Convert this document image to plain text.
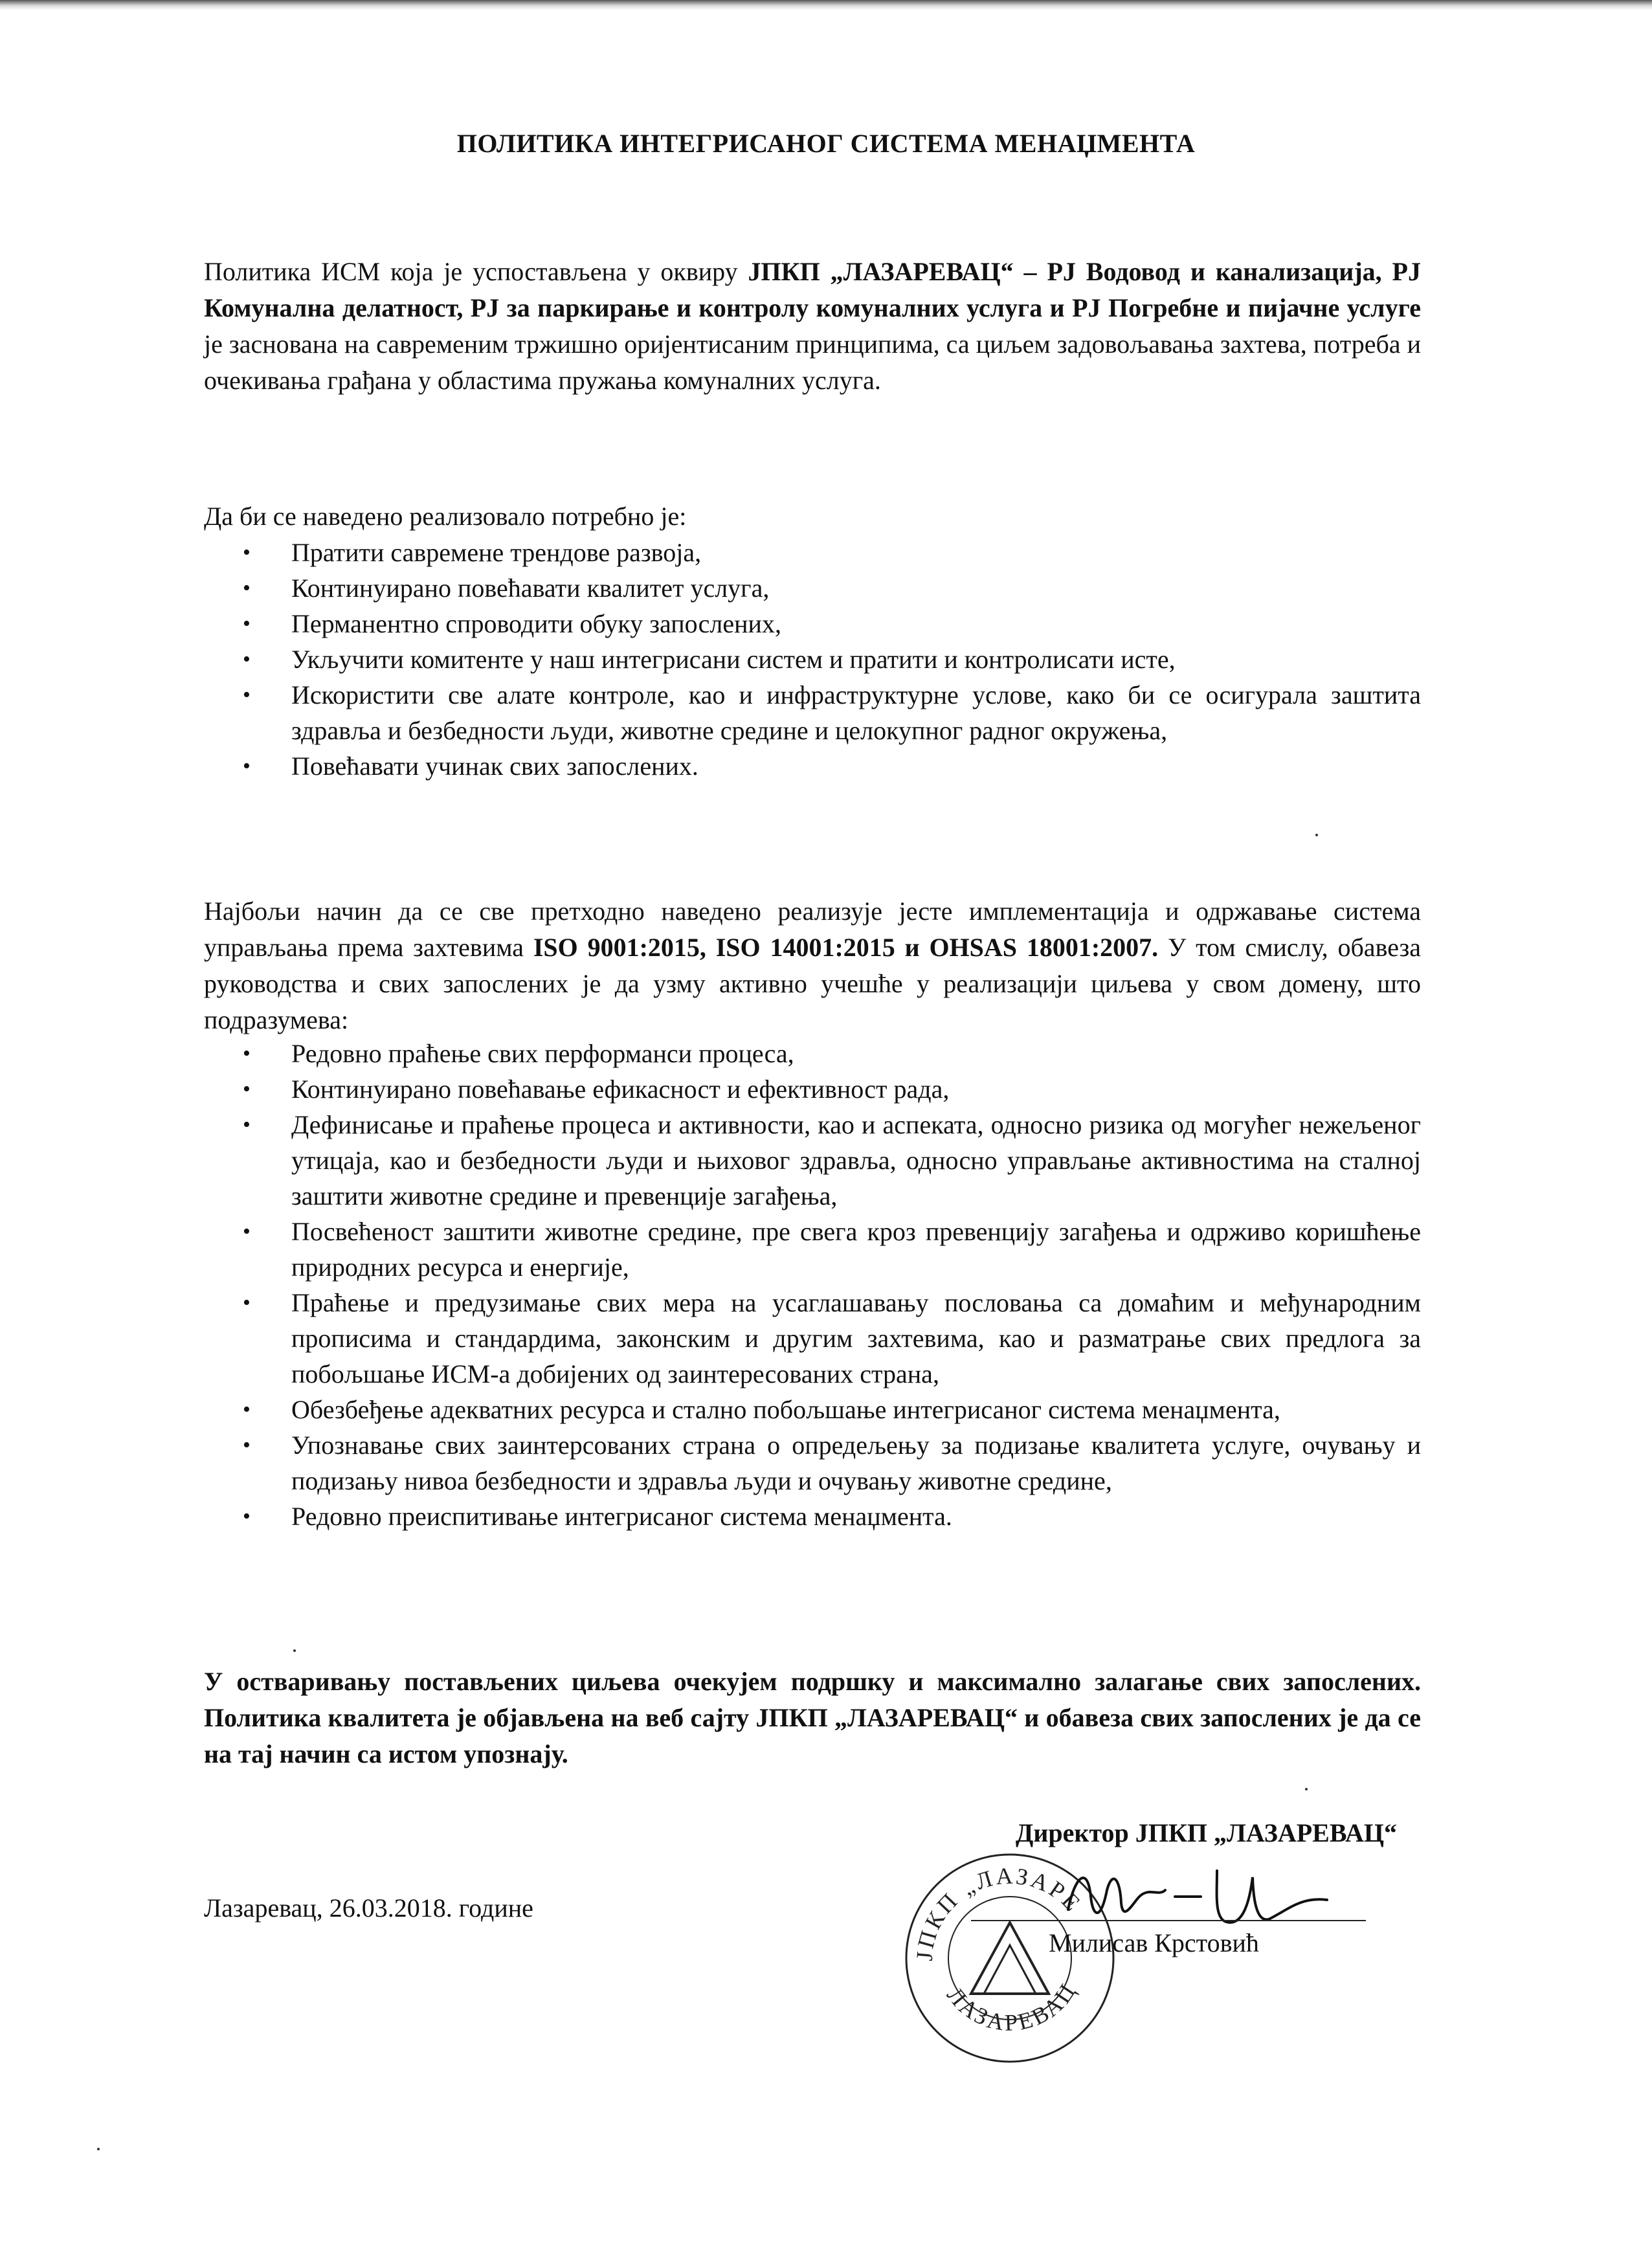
ПОЛИТИКА ИНТЕГРИСАНОГ СИСТЕМА МЕНАЏМЕНТА
Политика ИСМ која је успостављена у оквиру ЈПКП „ЛАЗАРЕВАЦ“ – РЈ Водовод и канализација, РЈ Комунална делатност, РЈ за паркирање и контролу комуналних услуга и РЈ Погребне и пијачне услуге је заснована на савременим тржишно оријентисаним принципима, са циљем задовољавања захтева, потреба и очекивања грађана у областима пружања комуналних услуга.
Да би се наведено реализовало потребно је:
• Пратити савремене трендове развоја,
• Континуирано повећавати квалитет услуга,
• Перманентно спроводити обуку запослених,
• Укључити комитенте у наш интегрисани систем и пратити и контролисати исте,
• Искористити све алате контроле, као и инфраструктурне услове, како би се осигурала заштита здравља и безбедности људи, животне средине и целокупног радног окружења,
• Повећавати учинак свих запослених.
Најбољи начин да се све претходно наведено реализује јесте имплементација и одржавање система управљања према захтевима ISO 9001:2015, ISO 14001:2015 и OHSAS 18001:2007. У том смислу, обавеза руководства и свих запослених је да узму активно учешће у реализацији циљева у свом домену, што подразумева:
• Редовно праћење свих перформанси процеса,
• Континуирано повећавање ефикасност и ефективност рада,
• Дефинисање и праћење процеса и активности, као и аспеката, односно ризика од могућег нежељеног утицаја, као и безбедности људи и њиховог здравља, односно управљање активностима на сталној заштити животне средине и превенције загађења,
• Посвећеност заштити животне средине, пре свега кроз превенцију загађења и одрживо коришћење природних ресурса и енергије,
• Праћење и предузимање свих мера на усаглашавању пословања са домаћим и међународним прописима и стандардима, законским и другим захтевима, као и разматрање свих предлога за побољшање ИСМ-а добијених од заинтересованих страна,
• Обезбеђење адекватних ресурса и стално побољшање интегрисаног система менаџмента,
• Упознавање свих заинтерсованих страна о опредељењу за подизање квалитета услуге, очувању и подизању нивоа безбедности и здравља људи и очувању животне средине,
• Редовно преиспитивање интегрисаног система менаџмента.
У остваривању постављених циљева очекујем подршку и максимално залагање свих запослених. Политика квалитета је објављена на веб сајту ЈПКП „ЛАЗАРЕВАЦ“ и обавеза свих запослених је да се на тај начин са истом упознају.
Директор ЈПКП „ЛАЗАРЕВАЦ“
Лазаревац, 26.03.2018. године
ЈПКП „ЛАЗАРЕ
ЛАЗАРЕВАЦ
Милисав Крстовић
